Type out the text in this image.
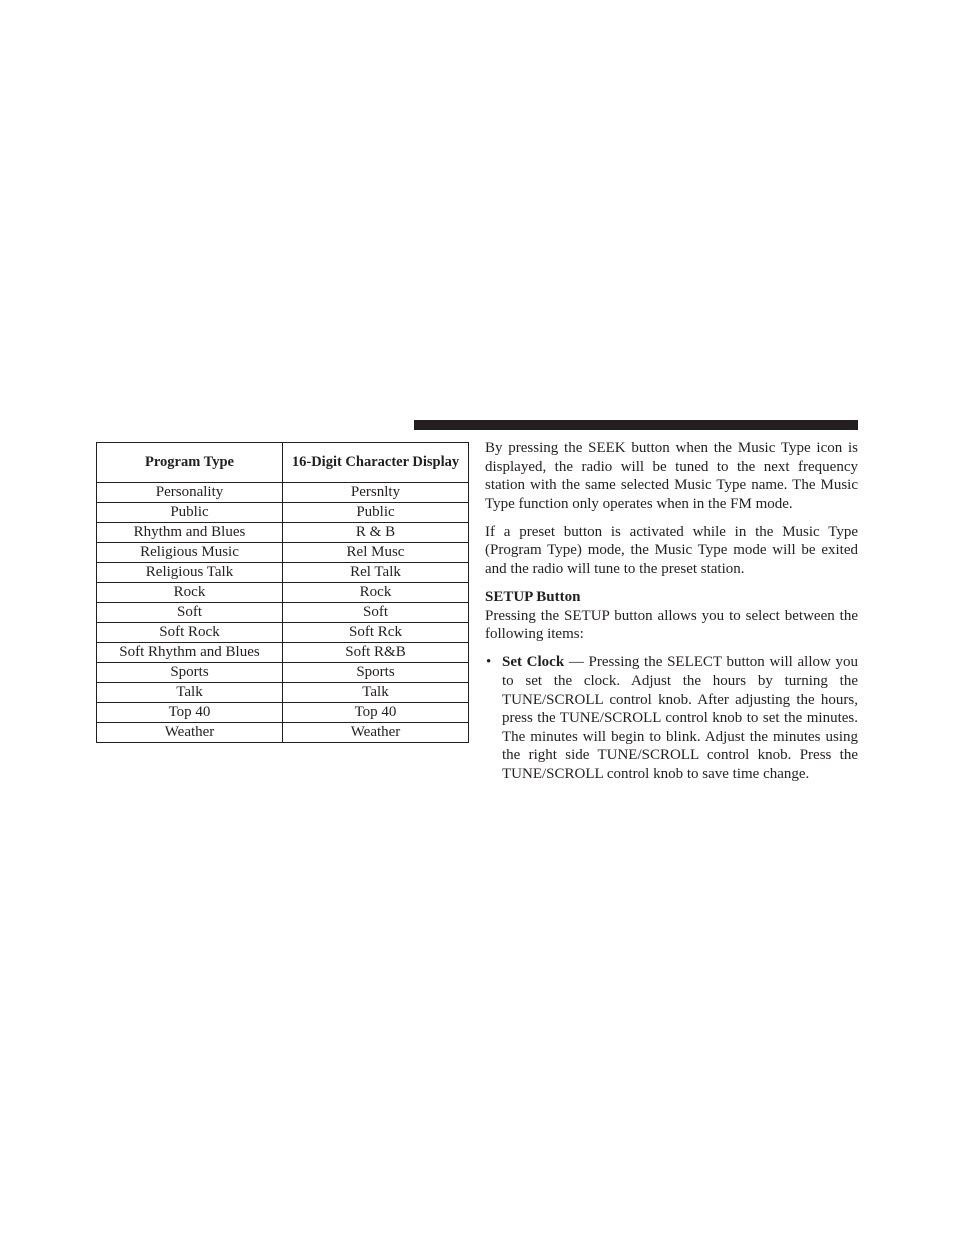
Program Type	16-Digit Character Display
Personality	Persnlty
Public	Public
Rhythm and Blues	R & B
Religious Music	Rel Musc
Religious Talk	Rel Talk
Rock	Rock
Soft	Soft
Soft Rock	Soft Rck
Soft Rhythm and Blues	Soft R&B
Sports	Sports
Talk	Talk
Top 40	Top 40
Weather	Weather

By pressing the SEEK button when the Music Type icon is displayed, the radio will be tuned to the next frequency station with the same selected Music Type name. The Music Type function only operates when in the FM mode.

If a preset button is activated while in the Music Type (Program Type) mode, the Music Type mode will be exited and the radio will tune to the preset station.

SETUP Button

Pressing the SETUP button allows you to select between the following items:

• Set Clock — Pressing the SELECT button will allow you to set the clock. Adjust the hours by turning the TUNE/SCROLL control knob. After adjusting the hours, press the TUNE/SCROLL control knob to set the minutes. The minutes will begin to blink. Adjust the minutes using the right side TUNE/SCROLL control knob. Press the TUNE/SCROLL control knob to save time change.
